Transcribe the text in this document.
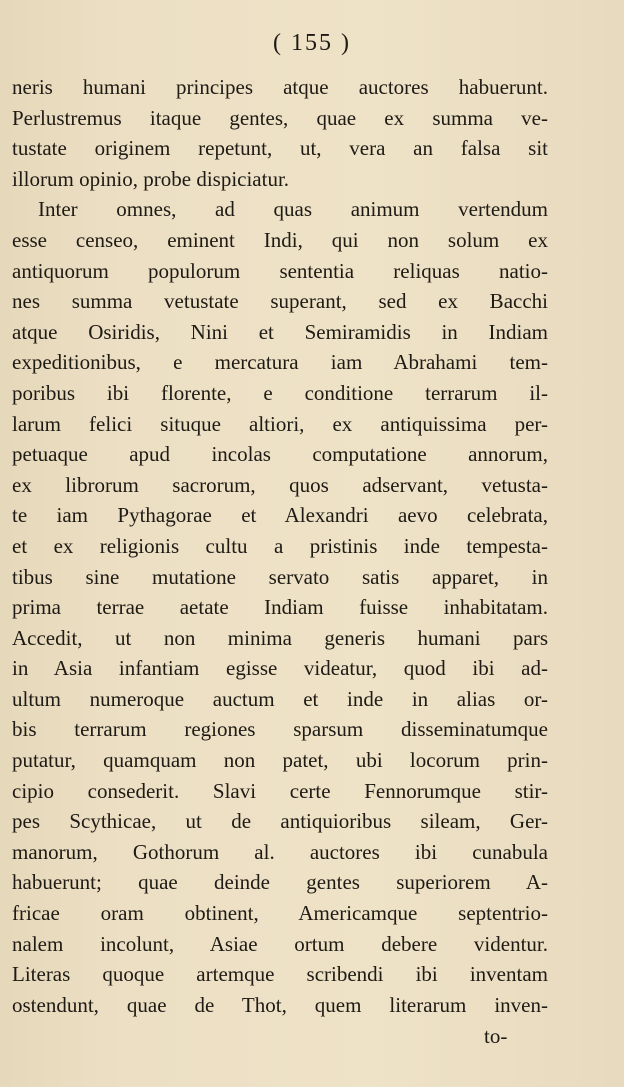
( 155 )
neris humani principes atque auctores habuerunt.
Perlustremus itaque gentes, quae ex summa ve-
tustate originem repetunt, ut, vera an falsa sit
illorum opinio, probe dispiciatur.
Inter omnes, ad quas animum vertendum
esse censeo, eminent Indi, qui non solum ex
antiquorum populorum sententia reliquas natio-
nes summa vetustate superant, sed ex Bacchi
atque Osiridis, Nini et Semiramidis in Indiam
expeditionibus, e mercatura iam Abrahami tem-
poribus ibi florente, e conditione terrarum il-
larum felici situque altiori, ex antiquissima per-
petuaque apud incolas computatione annorum,
ex librorum sacrorum, quos adservant, vetusta-
te iam Pythagorae et Alexandri aevo celebrata,
et ex religionis cultu a pristinis inde tempesta-
tibus sine mutatione servato satis apparet, in
prima terrae aetate Indiam fuisse inhabitatam.
Accedit, ut non minima generis humani pars
in Asia infantiam egisse videatur, quod ibi ad-
ultum numeroque auctum et inde in alias or-
bis terrarum regiones sparsum disseminatumque
putatur, quamquam non patet, ubi locorum prin-
cipio consederit. Slavi certe Fennorumque stir-
pes Scythicae, ut de antiquioribus sileam, Ger-
manorum, Gothorum al. auctores ibi cunabula
habuerunt; quae deinde gentes superiorem A-
fricae oram obtinent, Americamque septentrio-
nalem incolunt, Asiae ortum debere videntur.
Literas quoque artemque scribendi ibi inventam
ostendunt, quae de Thot, quem literarum inven-
to-
